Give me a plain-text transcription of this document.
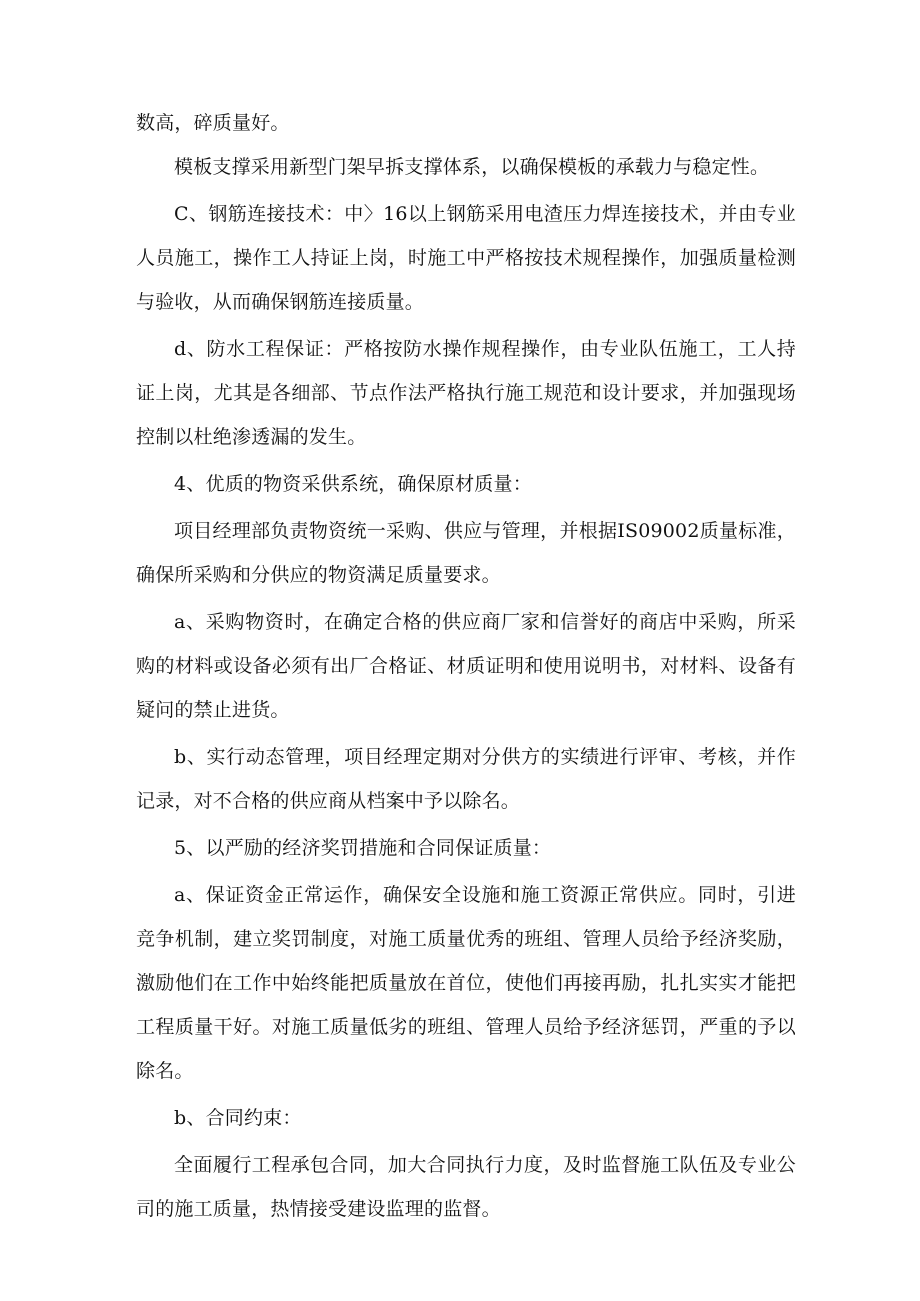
数高，碎质量好。

模板支撑采用新型门架早拆支撑体系，以确保模板的承载力与稳定性。

C、钢筋连接技术：中〉16以上钢筋采用电渣压力焊连接技术，并由专业人员施工，操作工人持证上岗，时施工中严格按技术规程操作，加强质量检测与验收，从而确保钢筋连接质量。

d、防水工程保证：严格按防水操作规程操作，由专业队伍施工，工人持证上岗，尤其是各细部、节点作法严格执行施工规范和设计要求，并加强现场控制以杜绝渗透漏的发生。

4、优质的物资采供系统，确保原材质量：

项目经理部负责物资统一采购、供应与管理，并根据IS09002质量标准，确保所采购和分供应的物资满足质量要求。

a、采购物资时，在确定合格的供应商厂家和信誉好的商店中采购，所采购的材料或设备必须有出厂合格证、材质证明和使用说明书，对材料、设备有疑问的禁止进货。

b、实行动态管理，项目经理定期对分供方的实绩进行评审、考核，并作记录，对不合格的供应商从档案中予以除名。

5、以严励的经济奖罚措施和合同保证质量：

a、保证资金正常运作，确保安全设施和施工资源正常供应。同时，引进竞争机制，建立奖罚制度，对施工质量优秀的班组、管理人员给予经济奖励，激励他们在工作中始终能把质量放在首位，使他们再接再励，扎扎实实才能把工程质量干好。对施工质量低劣的班组、管理人员给予经济惩罚，严重的予以除名。

b、合同约束：

全面履行工程承包合同，加大合同执行力度，及时监督施工队伍及专业公司的施工质量，热情接受建设监理的监督。
